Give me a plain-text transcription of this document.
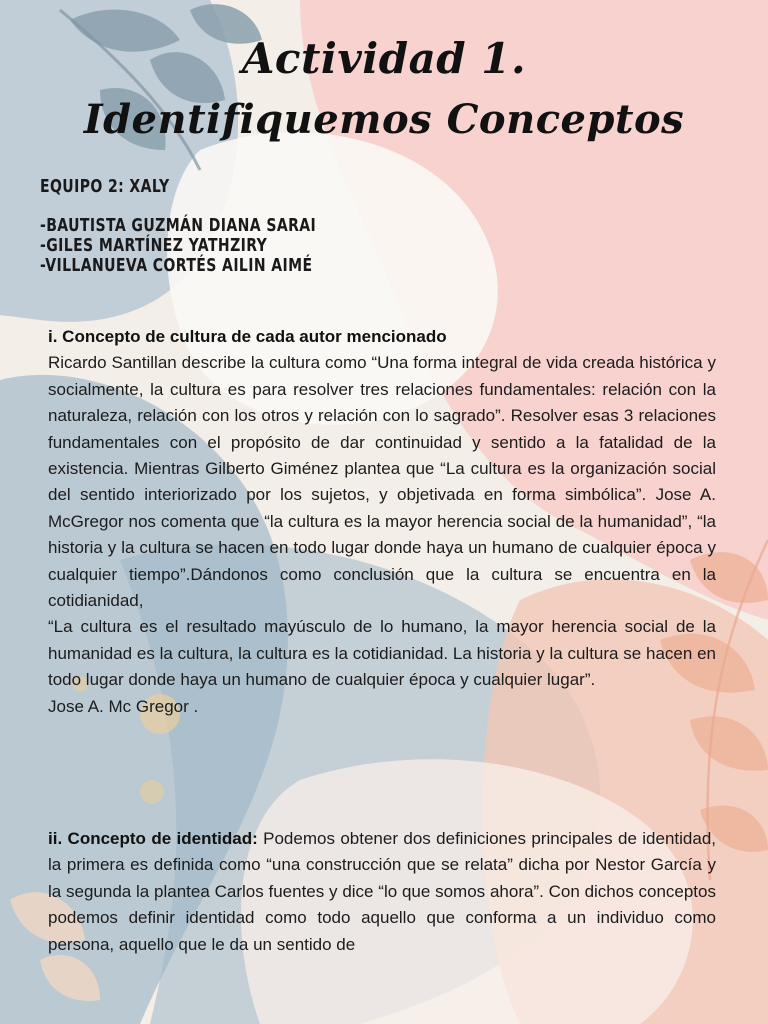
Actividad 1.
Identifiquemos Conceptos
EQUIPO 2: XALY
-BAUTISTA GUZMÁN DIANA SARAI
-GILES MARTÍNEZ YATHZIRY
-VILLANUEVA CORTÉS AILIN AIMÉ
i. Concepto de cultura de cada autor mencionado
Ricardo Santillan describe la cultura como “Una forma integral de vida creada histórica y socialmente, la cultura es para resolver tres relaciones fundamentales: relación con la naturaleza, relación con los otros y relación con lo sagrado”. Resolver esas 3 relaciones fundamentales con el propósito de dar continuidad y sentido a la fatalidad de la existencia. Mientras Gilberto Giménez plantea que “La cultura es la organización social del sentido interiorizado por los sujetos, y objetivada en forma simbólica”. Jose A. McGregor nos comenta que “la cultura es la mayor herencia social de la humanidad”, “la historia y la cultura se hacen en todo lugar donde haya un humano de cualquier época y cualquier tiempo”.Dándonos como conclusión que la cultura se encuentra en la cotidianidad,
“La cultura es el resultado mayúsculo de lo humano, la mayor herencia social de la humanidad es la cultura, la cultura es la cotidianidad. La historia y la cultura se hacen en todo lugar donde haya un humano de cualquier época y cualquier lugar”.
Jose A. Mc Gregor .
ii. Concepto de identidad: Podemos obtener dos definiciones principales de identidad, la primera es definida como “una construcción que se relata” dicha por Nestor García y la segunda la plantea Carlos fuentes y dice “lo que somos ahora”. Con dichos conceptos podemos definir identidad como todo aquello que conforma a un individuo como persona, aquello que le da un sentido de
